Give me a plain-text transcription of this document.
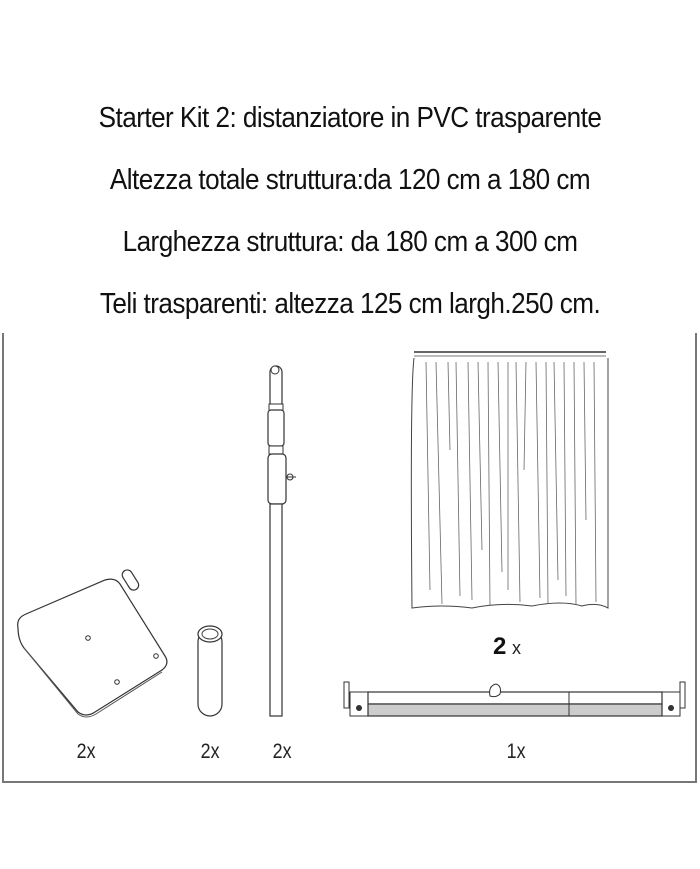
Starter Kit 2: distanziatore in PVC trasparente
Altezza totale struttura:da 120 cm a 180 cm
Larghezza struttura: da 180 cm a 300 cm
Teli trasparenti: altezza 125 cm largh.250 cm.
2x	2x	2x
2 x
1x
